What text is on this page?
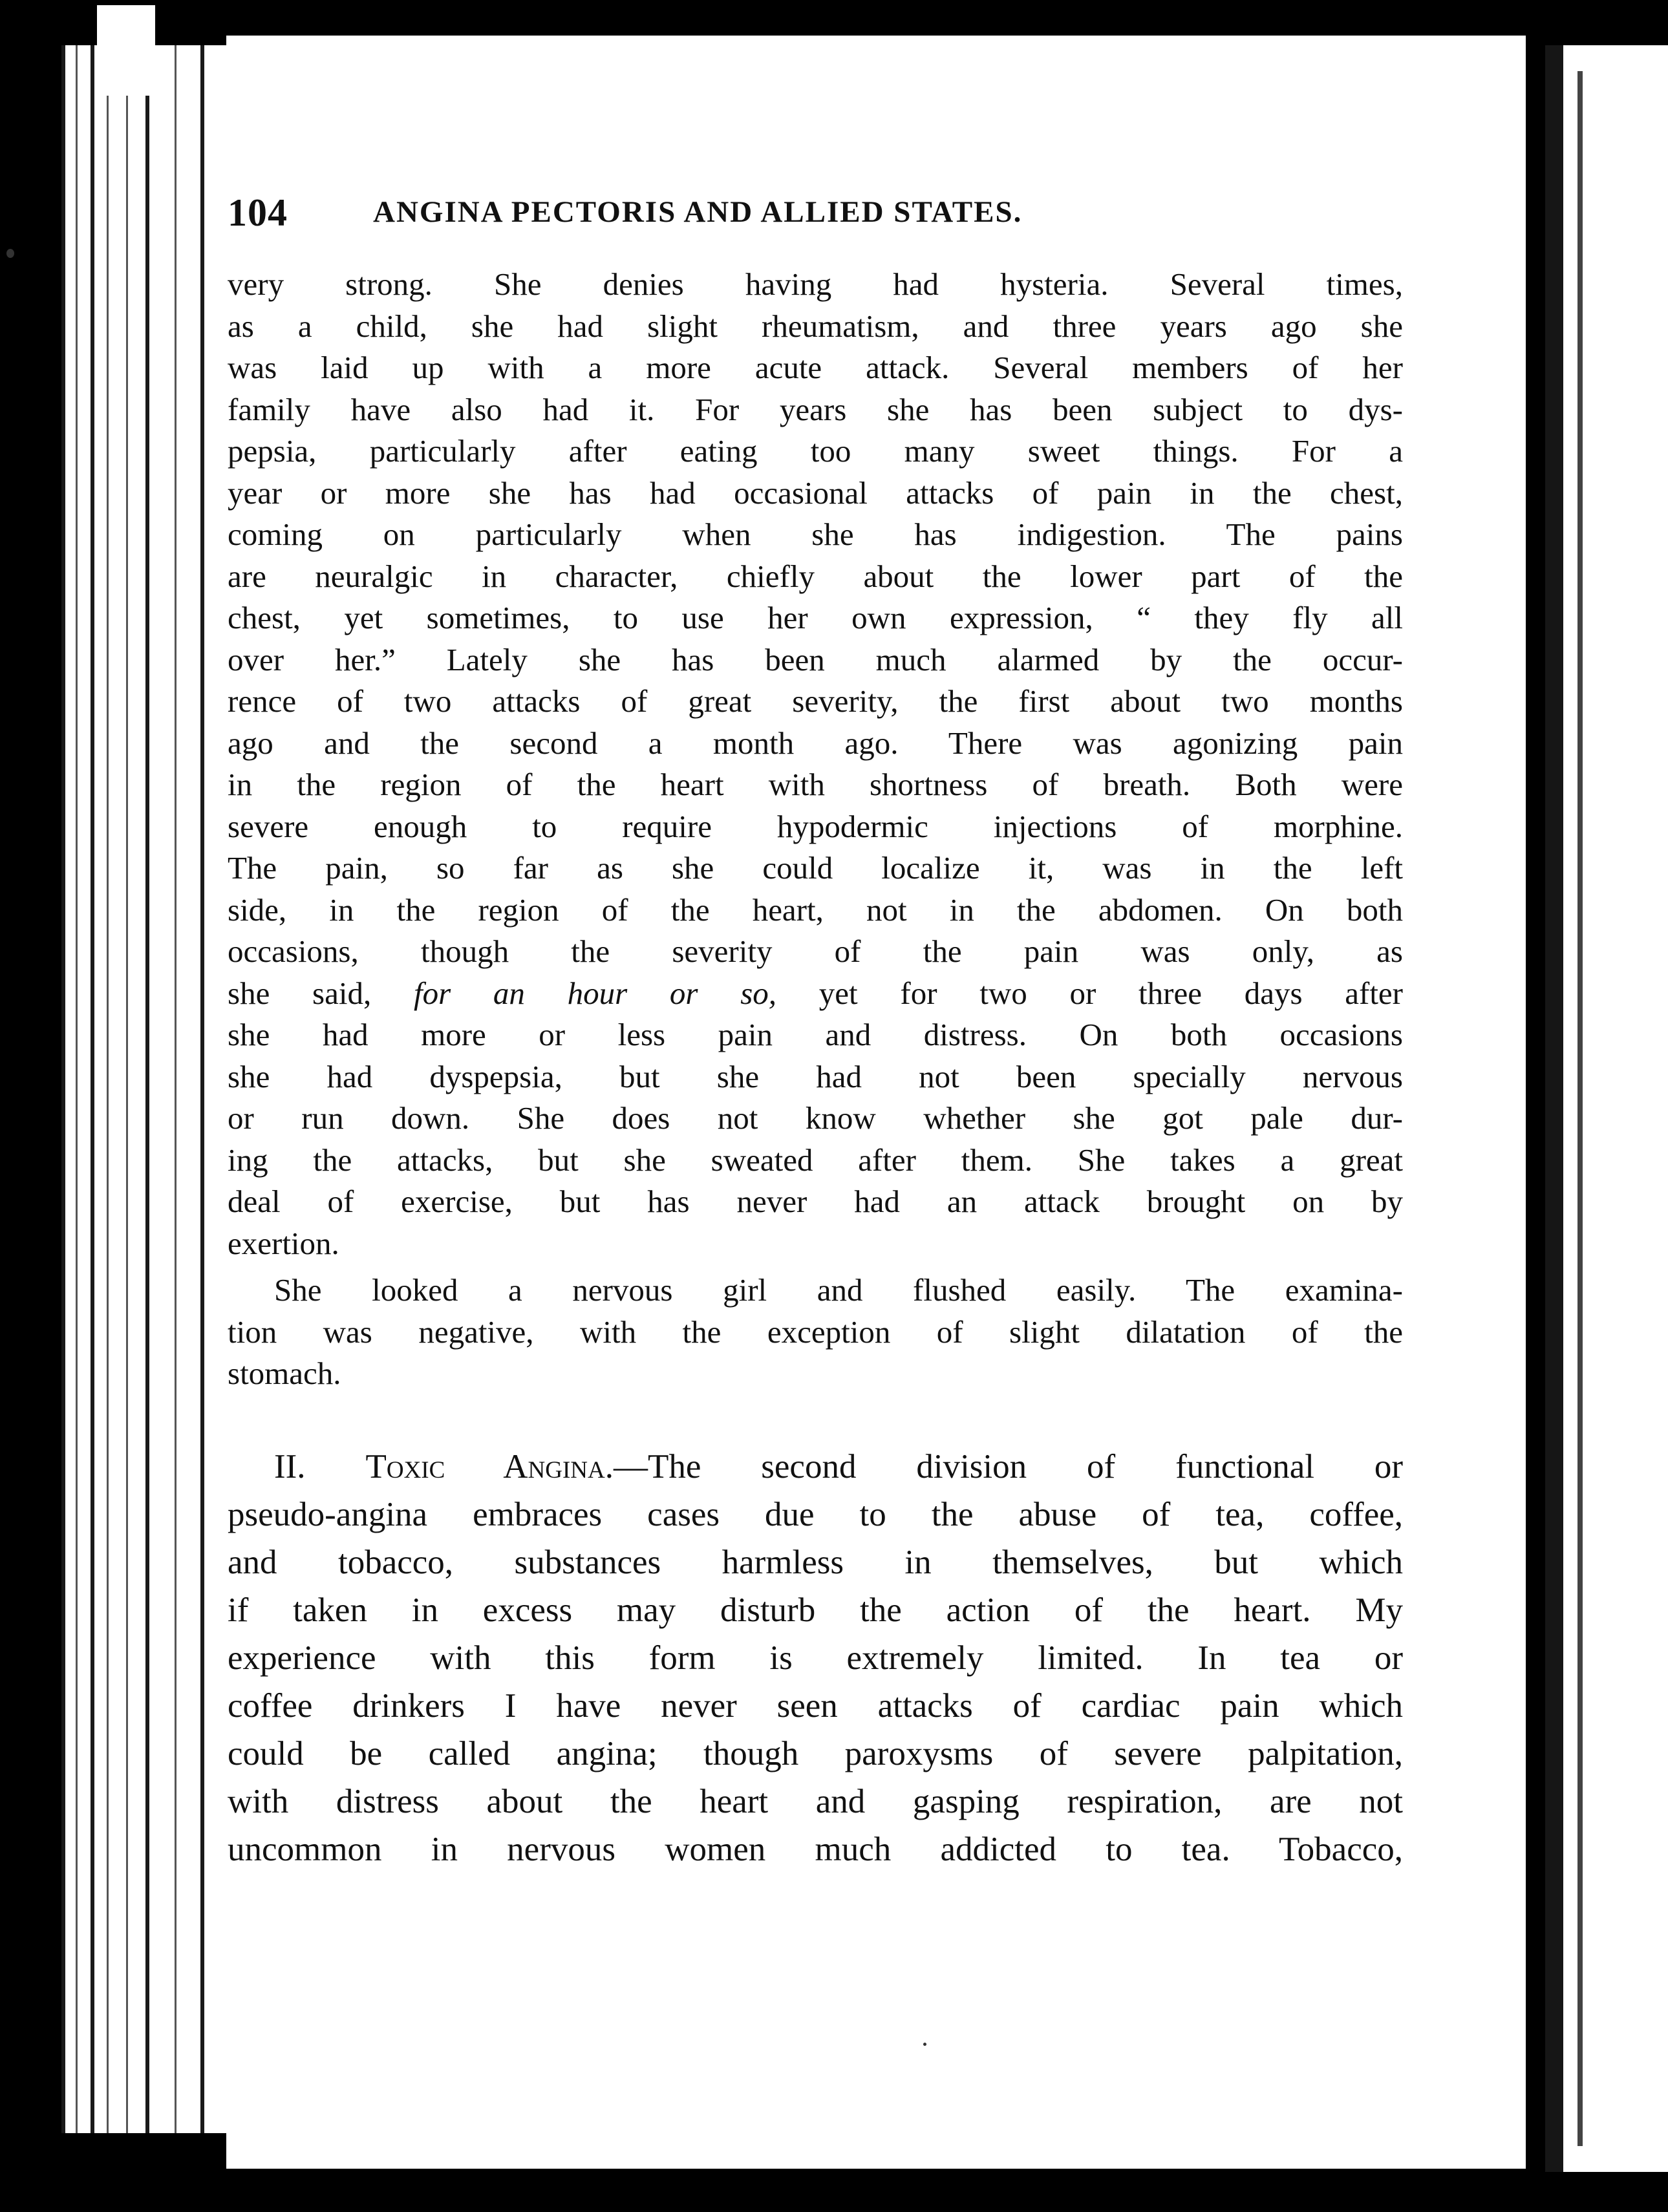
104	ANGINA PECTORIS AND ALLIED STATES.
very strong. She denies having had hysteria. Several times,
as a child, she had slight rheumatism, and three years ago she
was laid up with a more acute attack. Several members of her
family have also had it. For years she has been subject to dys-
pepsia, particularly after eating too many sweet things. For a
year or more she has had occasional attacks of pain in the chest,
coming on particularly when she has indigestion. The pains
are neuralgic in character, chiefly about the lower part of the
chest, yet sometimes, to use her own expression, “ they fly all
over her.” Lately she has been much alarmed by the occur-
rence of two attacks of great severity, the first about two months
ago and the second a month ago. There was agonizing pain
in the region of the heart with shortness of breath. Both were
severe enough to require hypodermic injections of morphine.
The pain, so far as she could localize it, was in the left
side, in the region of the heart, not in the abdomen. On both
occasions, though the severity of the pain was only, as
she said, for an hour or so, yet for two or three days after
she had more or less pain and distress. On both occasions
she had dyspepsia, but she had not been specially nervous
or run down. She does not know whether she got pale dur-
ing the attacks, but she sweated after them. She takes a great
deal of exercise, but has never had an attack brought on by
exertion.
She looked a nervous girl and flushed easily. The examina-
tion was negative, with the exception of slight dilatation of the
stomach.
II. Toxic Angina.—The second division of functional or
pseudo-angina embraces cases due to the abuse of tea, coffee,
and tobacco, substances harmless in themselves, but which
if taken in excess may disturb the action of the heart. My
experience with this form is extremely limited. In tea or
coffee drinkers I have never seen attacks of cardiac pain which
could be called angina; though paroxysms of severe palpitation,
with distress about the heart and gasping respiration, are not
uncommon in nervous women much addicted to tea. Tobacco,
